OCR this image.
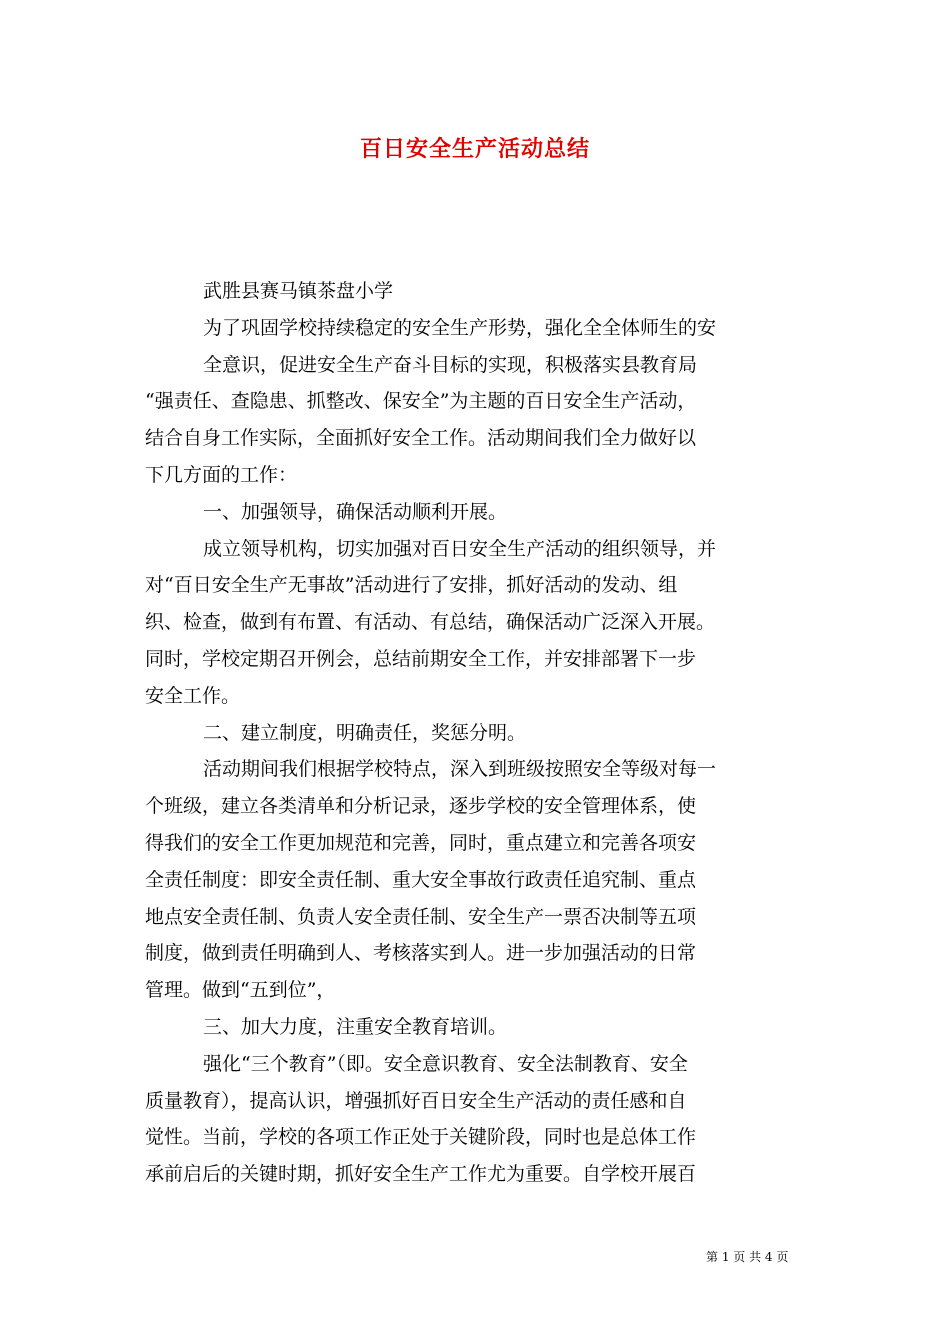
百日安全生产活动总结
武胜县赛马镇茶盘小学
为了巩固学校持续稳定的安全生产形势，强化全全体师生的安
全意识，促进安全生产奋斗目标的实现，积极落实县教育局
“强责任、查隐患、抓整改、保安全”为主题的百日安全生产活动，
结合自身工作实际，全面抓好安全工作。活动期间我们全力做好以
下几方面的工作：
一、加强领导，确保活动顺利开展。
成立领导机构，切实加强对百日安全生产活动的组织领导，并
对“百日安全生产无事故”活动进行了安排，抓好活动的发动、组
织、检查，做到有布置、有活动、有总结，确保活动广泛深入开展。
同时，学校定期召开例会，总结前期安全工作，并安排部署下一步
安全工作。
二、建立制度，明确责任，奖惩分明。
活动期间我们根据学校特点，深入到班级按照安全等级对每一
个班级，建立各类清单和分析记录，逐步学校的安全管理体系，使
得我们的安全工作更加规范和完善，同时，重点建立和完善各项安
全责任制度：即安全责任制、重大安全事故行政责任追究制、重点
地点安全责任制、负责人安全责任制、安全生产一票否决制等五项
制度，做到责任明确到人、考核落实到人。进一步加强活动的日常
管理。做到“五到位”，
三、加大力度，注重安全教育培训。
强化“三个教育”（即。安全意识教育、安全法制教育、安全
质量教育），提高认识，增强抓好百日安全生产活动的责任感和自
觉性。当前，学校的各项工作正处于关键阶段，同时也是总体工作
承前启后的关键时期，抓好安全生产工作尤为重要。自学校开展百
第 1 页 共 4 页
